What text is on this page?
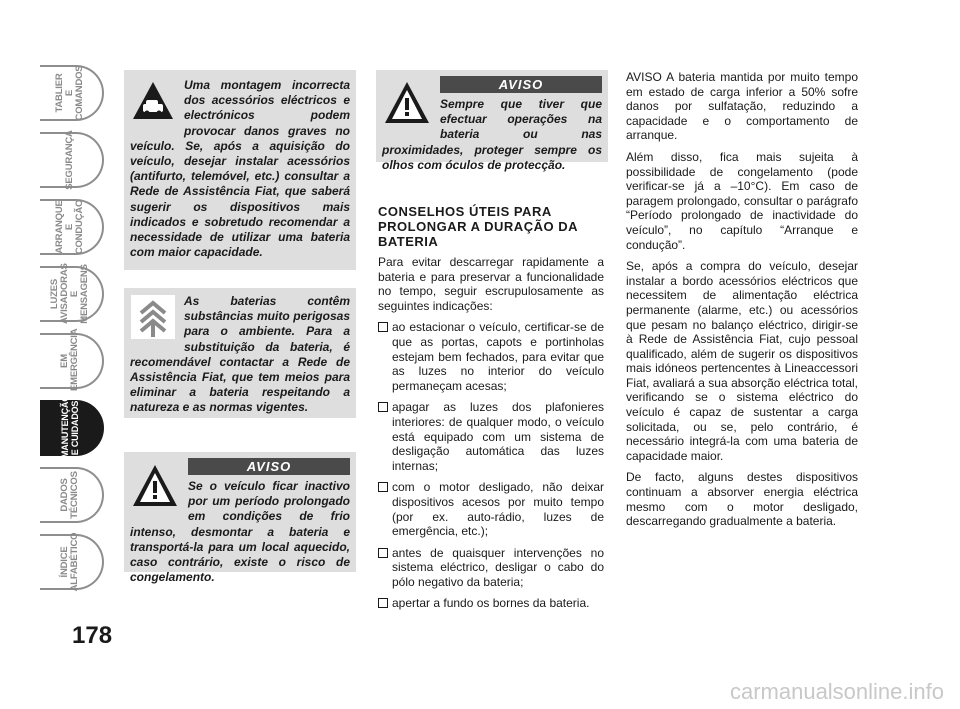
TABLIER
E COMANDOS
SEGURANÇA
ARRANQUE
E CONDUÇÃO
LUZES
AVISADORAS
E MENSAGENS
EM
EMERGÊNCIA
MANUTENÇÃO
E CUIDADOS
DADOS
TÉCNICOS
ÍNDICE
ALFABÉTICO
178
Uma montagem incorrecta dos acessórios eléctricos e electrónicos podem provocar danos graves no veículo. Se, após a aquisição do veículo, desejar instalar acessórios (antifurto, telemóvel, etc.) consultar a Rede de Assistência Fiat, que saberá sugerir os dispositivos mais indicados e sobretudo recomendar a necessidade de utilizar uma bateria com maior capacidade.
As baterias contêm substâncias muito perigosas para o ambiente. Para a substituição da bateria, é recomendável contactar a Rede de Assistência Fiat, que tem meios para eliminar a bateria respeitando a natureza e as normas vigentes.
AVISO
Se o veículo ficar inactivo por um período prolongado em condições de frio intenso, desmontar a bateria e transportá-la para um local aquecido, caso contrário, existe o risco de congelamento.
AVISO
Sempre que tiver que efectuar operações na bateria ou nas proximidades, proteger sempre os olhos com óculos de protecção.
CONSELHOS ÚTEIS PARA PROLONGAR A DURAÇÃO DA BATERIA

Para evitar descarregar rapidamente a bateria e para preservar a funcionalidade no tempo, seguir escrupulosamente as seguintes indicações:

ao estacionar o veículo, certificar-se de que as portas, capots e portinholas estejam bem fechados, para evitar que as luzes no interior do veículo permaneçam acesas;
apagar as luzes dos plafonieres interiores: de qualquer modo, o veículo está equipado com um sistema de desligação automática das luzes internas;
com o motor desligado, não deixar dispositivos acesos por muito tempo (por ex. auto-rádio, luzes de emergência, etc.);
antes de quaisquer intervenções no sistema eléctrico, desligar o cabo do pólo negativo da bateria;
apertar a fundo os bornes da bateria.

AVISO A bateria mantida por muito tempo em estado de carga inferior a 50% sofre danos por sulfatação, reduzindo a capacidade e o comportamento de arranque.

Além disso, fica mais sujeita à possibilidade de congelamento (pode verificar-se já a –10°C). Em caso de paragem prolongado, consultar o parágrafo “Período prolongado de inactividade do veículo”, no capítulo “Arranque e condução”.

Se, após a compra do veículo, desejar instalar a bordo acessórios eléctricos que necessitem de alimentação eléctrica permanente (alarme, etc.) ou acessórios que pesam no balanço eléctrico, dirigir-se à Rede de Assistência Fiat, cujo pessoal qualificado, além de sugerir os dispositivos mais idóneos pertencentes à Lineaccessori Fiat, avaliará a sua absorção eléctrica total, verificando se o sistema eléctrico do veículo é capaz de sustentar a carga solicitada, ou se, pelo contrário, é necessário integrá-la com uma bateria de capacidade maior.

De facto, alguns destes dispositivos continuam a absorver energia eléctrica mesmo com o motor desligado, descarregando gradualmente a bateria.

carmanualsonline.info
